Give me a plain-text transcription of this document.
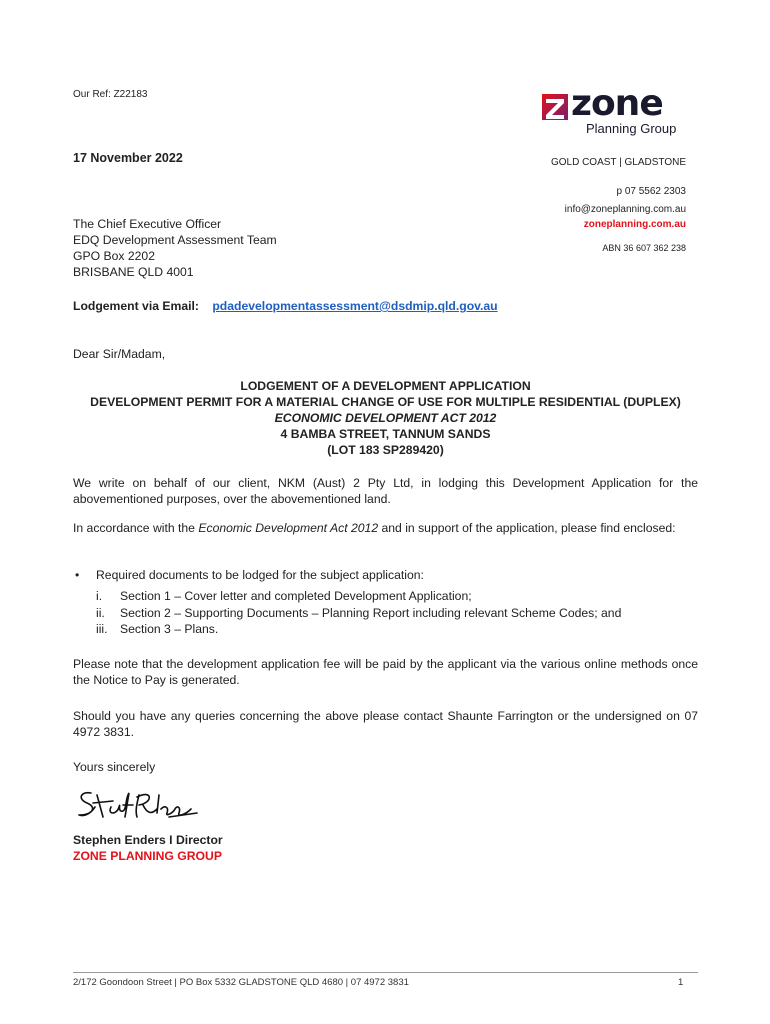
Our Ref: Z22183	zone
Planning Group
17 November 2022	GOLD COAST | GLADSTONE
p 07 5562 2303
info@zoneplanning.com.au
zoneplanning.com.au
ABN 36 607 362 238
The Chief Executive Officer
EDQ Development Assessment Team
GPO Box 2202
BRISBANE QLD 4001
Lodgement via Email: pdadevelopmentassessment@dsdmip.qld.gov.au
Dear Sir/Madam,
LODGEMENT OF A DEVELOPMENT APPLICATION
DEVELOPMENT PERMIT FOR A MATERIAL CHANGE OF USE FOR MULTIPLE RESIDENTIAL (DUPLEX)
ECONOMIC DEVELOPMENT ACT 2012
4 BAMBA STREET, TANNUM SANDS
(LOT 183 SP289420)
We write on behalf of our client, NKM (Aust) 2 Pty Ltd, in lodging this Development Application for the abovementioned purposes, over the abovementioned land.
In accordance with the Economic Development Act 2012 and in support of the application, please find enclosed:
• Required documents to be lodged for the subject application:
i. Section 1 – Cover letter and completed Development Application;
ii. Section 2 – Supporting Documents – Planning Report including relevant Scheme Codes; and
iii. Section 3 – Plans.
Please note that the development application fee will be paid by the applicant via the various online methods once the Notice to Pay is generated.
Should you have any queries concerning the above please contact Shaunte Farrington or the undersigned on 07 4972 3831.
Yours sincerely
Stephen Enders I Director
ZONE PLANNING GROUP
2/172 Goondoon Street | PO Box 5332 GLADSTONE QLD 4680 | 07 4972 3831	1
